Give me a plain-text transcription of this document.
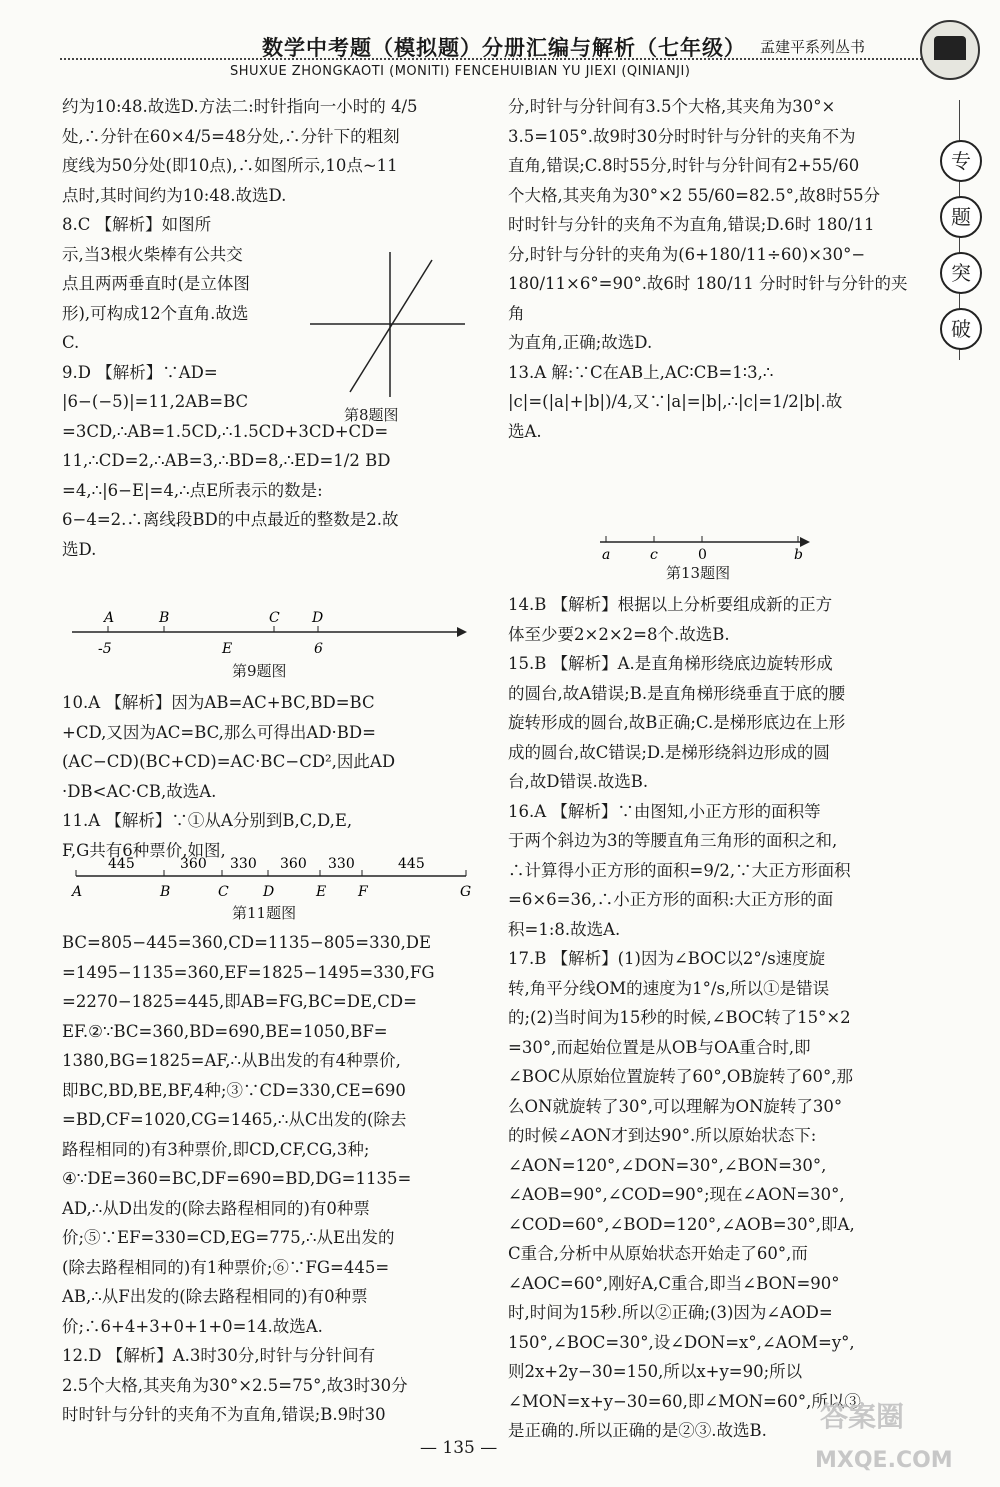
数学中考题（模拟题）分册汇编与解析（七年级） 孟建平系列丛书
SHUXUE ZHONGKAOTI (MONITI) FENCEHUIBIAN YU JIEXI (QINIANJI)
专
题
突
破

约为10:48.故选D.方法二:时针指向一小时的 4/5

处,∴分针在60×4/5=48分处,∴分针下的粗刻

度线为50分处(即10点),∴如图所示,10点~11

点时,其时间约为10:48.故选D.

8.C 【解析】如图所

示,当3根火柴棒有公共交

点且两两垂直时(是立体图

形),可构成12个直角.故选

C.

9.D 【解析】∵AD=

|6−(−5)|=11,2AB=BC

=3CD,∴AB=1.5CD,∴1.5CD+3CD+CD=

11,∴CD=2,∴AB=3,∴BD=8,∴ED=1/2 BD

=4,∴|6−E|=4,∴点E所表示的数是:

6−4=2.∴离线段BD的中点最近的整数是2.故

选D.

第8题图
A	B	C D
-5	E	6
第9题图

10.A 【解析】因为AB=AC+BC,BD=BC

+CD,又因为AC=BC,那么可得出AD·BD=

(AC−CD)(BC+CD)=AC·BC−CD²,因此AD

·DB<AC·CB,故选A.

11.A 【解析】∵①从A分别到B,C,D,E,

F,G共有6种票价,如图,

445	360 330 360 330	445
A	B	C D	E F	G
第11题图

BC=805−445=360,CD=1135−805=330,DE

=1495−1135=360,EF=1825−1495=330,FG

=2270−1825=445,即AB=FG,BC=DE,CD=

EF.②∵BC=360,BD=690,BE=1050,BF=

1380,BG=1825=AF,∴从B出发的有4种票价,

即BC,BD,BE,BF,4种;③∵CD=330,CE=690

=BD,CF=1020,CG=1465,∴从C出发的(除去

路程相同的)有3种票价,即CD,CF,CG,3种;

④∵DE=360=BC,DF=690=BD,DG=1135=

AD,∴从D出发的(除去路程相同的)有0种票

价;⑤∵EF=330=CD,EG=775,∴从E出发的

(除去路程相同的)有1种票价;⑥∵FG=445=

AB,∴从F出发的(除去路程相同的)有0种票

价;∴6+4+3+0+1+0=14.故选A.

12.D 【解析】A.3时30分,时针与分针间有

2.5个大格,其夹角为30°×2.5=75°,故3时30分

时时针与分针的夹角不为直角,错误;B.9时30

分,时针与分针间有3.5个大格,其夹角为30°×

3.5=105°.故9时30分时时针与分针的夹角不为

直角,错误;C.8时55分,时针与分针间有2+55/60

个大格,其夹角为30°×2 55/60=82.5°,故8时55分

时时针与分针的夹角不为直角,错误;D.6时 180/11

分,时针与分针的夹角为(6+180/11÷60)×30°−

180/11×6°=90°.故6时 180/11 分时时针与分针的夹角

为直角,正确;故选D.

13.A 解:∵C在AB上,AC∶CB=1∶3,∴

|c|=(|a|+|b|)/4,又∵|a|=|b|,∴|c|=1/2|b|.故

选A.

a	c	0	b
第13题图

14.B 【解析】根据以上分析要组成新的正方

体至少要2×2×2=8个.故选B.

15.B 【解析】A.是直角梯形绕底边旋转形成

的圆台,故A错误;B.是直角梯形绕垂直于底的腰

旋转形成的圆台,故B正确;C.是梯形底边在上形

成的圆台,故C错误;D.是梯形绕斜边形成的圆

台,故D错误.故选B.

16.A 【解析】∵由图知,小正方形的面积等

于两个斜边为3的等腰直角三角形的面积之和,

∴计算得小正方形的面积=9/2,∵大正方形面积

=6×6=36,∴小正方形的面积:大正方形的面

积=1:8.故选A.

17.B 【解析】(1)因为∠BOC以2°/s速度旋

转,角平分线OM的速度为1°/s,所以①是错误

的;(2)当时间为15秒的时候,∠BOC转了15°×2

=30°,而起始位置是从OB与OA重合时,即

∠BOC从原始位置旋转了60°,OB旋转了60°,那

么ON就旋转了30°,可以理解为ON旋转了30°

的时候∠AON才到达90°.所以原始状态下:

∠AON=120°,∠DON=30°,∠BON=30°,

∠AOB=90°,∠COD=90°;现在∠AON=30°,

∠COD=60°,∠BOD=120°,∠AOB=30°,即A,

C重合,分析中从原始状态开始走了60°,而

∠AOC=60°,刚好A,C重合,即当∠BON=90°

时,时间为15秒.所以②正确;(3)因为∠AOD=

150°,∠BOC=30°,设∠DON=x°,∠AOM=y°,

则2x+2y−30=150,所以x+y=90;所以

∠MON=x+y−30=60,即∠MON=60°,所以③

是正确的.所以正确的是②③.故选B.

— 135 —
答案圈
MXQE.COM
